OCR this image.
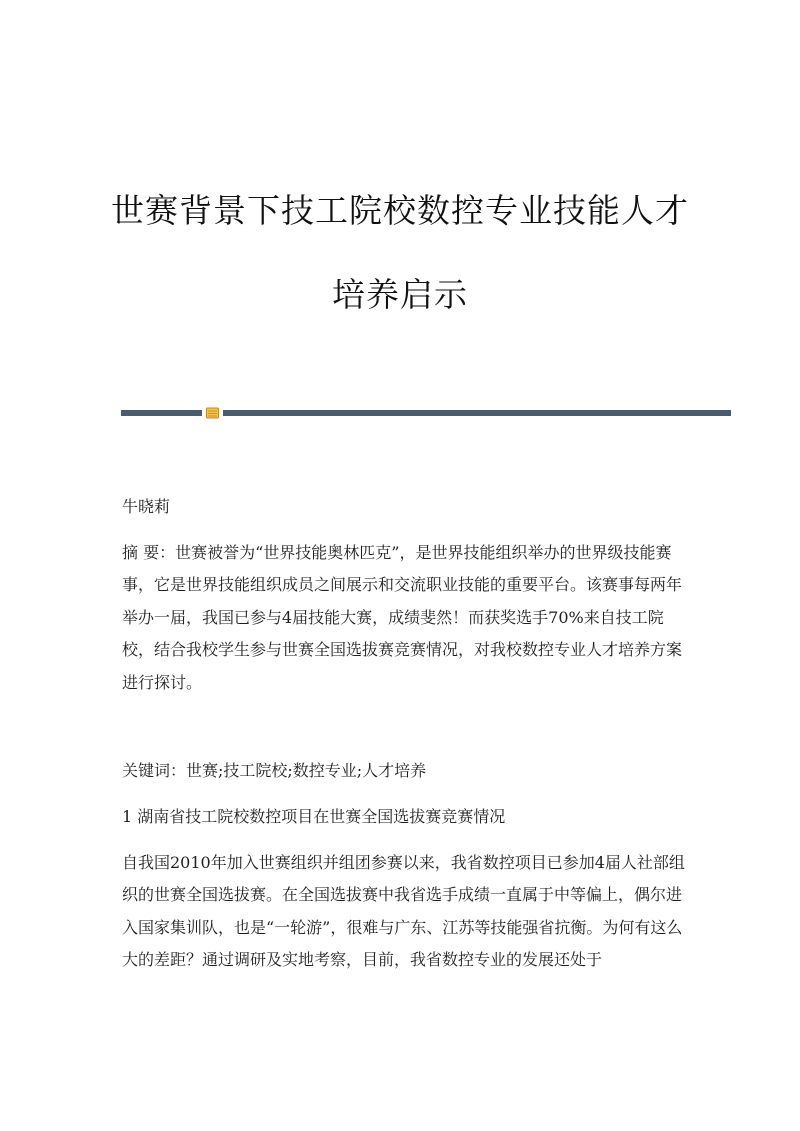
世赛背景下技工院校数控专业技能人才
培养启示

牛晓莉

摘 要：世赛被誉为“世界技能奥林匹克”，是世界技能组织举办的世界级技能赛事，它是世界技能组织成员之间展示和交流职业技能的重要平台。该赛事每两年举办一届，我国已参与4届技能大赛，成绩斐然！而获奖选手70%来自技工院校，结合我校学生参与世赛全国选拔赛竞赛情况，对我校数控专业人才培养方案进行探讨。

关键词：世赛;技工院校;数控专业;人才培养

1 湖南省技工院校数控项目在世赛全国选拔赛竞赛情况

自我国2010年加入世赛组织并组团参赛以来，我省数控项目已参加4届人社部组织的世赛全国选拔赛。在全国选拔赛中我省选手成绩一直属于中等偏上，偶尔进入国家集训队，也是“一轮游”，很难与广东、江苏等技能强省抗衡。为何有这么大的差距？通过调研及实地考察，目前，我省数控专业的发展还处于
